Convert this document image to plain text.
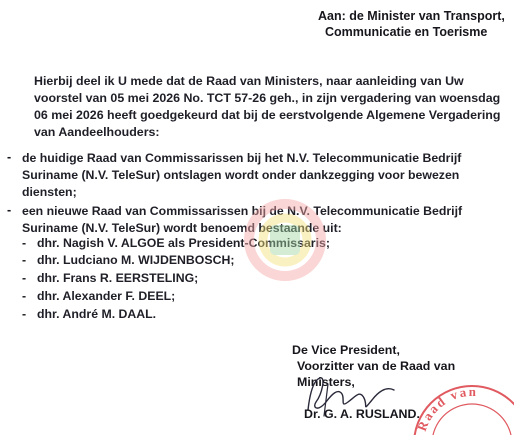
Aan: de Minister van Transport,
Communicatie en Toerisme
Hierbij deel ik U mede dat de Raad van Ministers, naar aanleiding van Uw voorstel van 05 mei 2026 No. TCT 57-26 geh., in zijn vergadering van woensdag 06 mei 2026 heeft goedgekeurd dat bij de eerstvolgende Algemene Vergadering van Aandeelhouders:
- de huidige Raad van Commissarissen bij het N.V. Telecommunicatie Bedrijf Suriname (N.V. TeleSur) ontslagen wordt onder dankzegging voor bewezen diensten;
- een nieuwe Raad van Commissarissen bij de N.V. Telecommunicatie Bedrijf Suriname (N.V. TeleSur) wordt benoemd bestaande uit:
- dhr. Nagish V. ALGOE als President-Commissaris;
- dhr. Ludciano M. WIJDENBOSCH;
- dhr. Frans R. EERSTELING;
- dhr. Alexander F. DEEL;
- dhr. André M. DAAL.
De Vice President,
Voorzitter van de Raad van Ministers,
Dr. G. A. RUSLAND.
Raad van
